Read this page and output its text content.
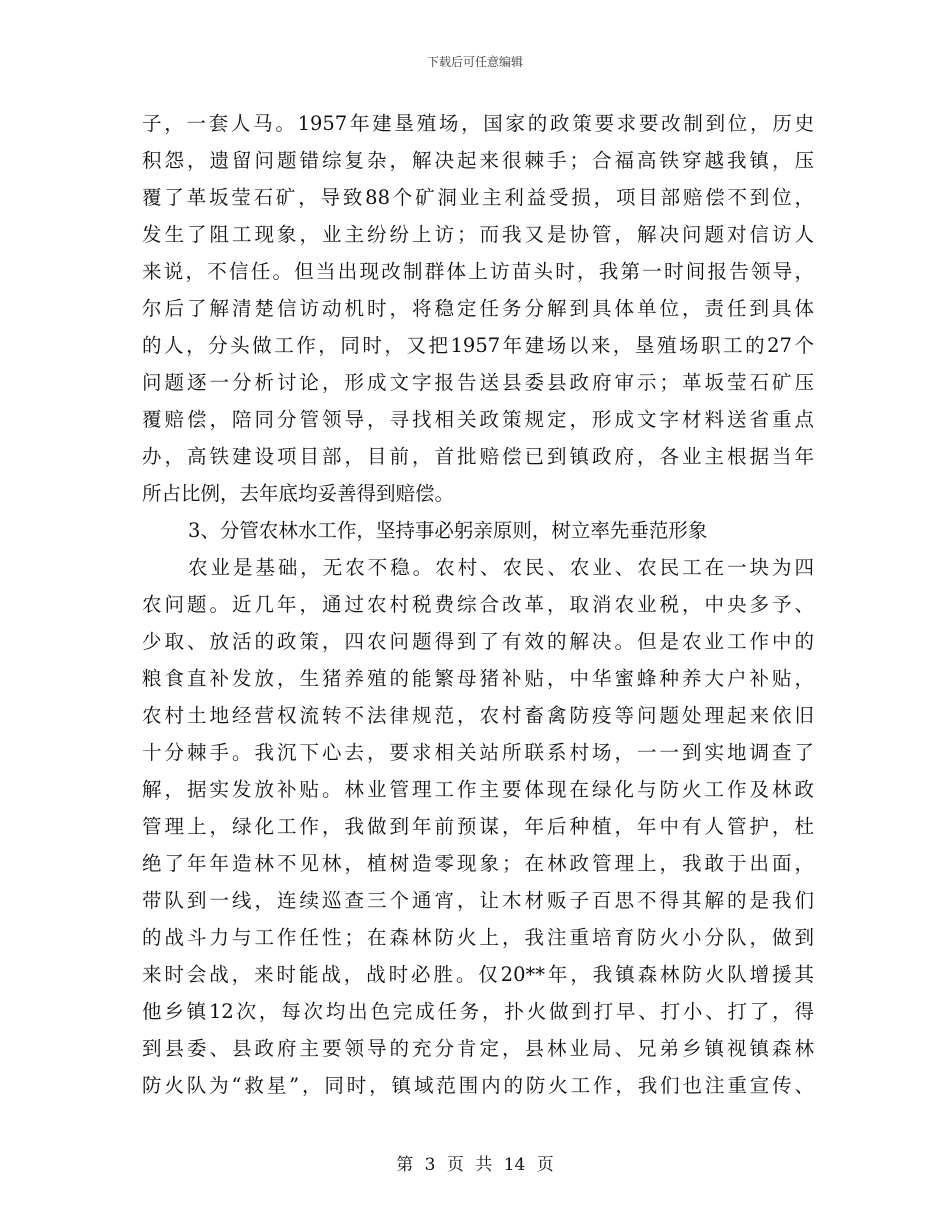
下载后可任意编辑
子，一套人马。1957年建垦殖场，国家的政策要求要改制到位，历史
积怨，遗留问题错综复杂，解决起来很棘手；合福高铁穿越我镇，压
覆了革坂莹石矿，导致88个矿洞业主利益受损，项目部赔偿不到位，
发生了阻工现象，业主纷纷上访；而我又是协管，解决问题对信访人
来说，不信任。但当出现改制群体上访苗头时，我第一时间报告领导，
尔后了解清楚信访动机时，将稳定任务分解到具体单位，责任到具体
的人，分头做工作，同时，又把1957年建场以来，垦殖场职工的27个
问题逐一分析讨论，形成文字报告送县委县政府审示；革坂莹石矿压
覆赔偿，陪同分管领导，寻找相关政策规定，形成文字材料送省重点
办，高铁建设项目部，目前，首批赔偿已到镇政府，各业主根据当年
所占比例，去年底均妥善得到赔偿。
3、分管农林水工作，坚持事必躬亲原则，树立率先垂范形象
农业是基础，无农不稳。农村、农民、农业、农民工在一块为四
农问题。近几年，通过农村税费综合改革，取消农业税，中央多予、
少取、放活的政策，四农问题得到了有效的解决。但是农业工作中的
粮食直补发放，生猪养殖的能繁母猪补贴，中华蜜蜂种养大户补贴，
农村土地经营权流转不法律规范，农村畜禽防疫等问题处理起来依旧
十分棘手。我沉下心去，要求相关站所联系村场，一一到实地调查了
解，据实发放补贴。林业管理工作主要体现在绿化与防火工作及林政
管理上，绿化工作，我做到年前预谋，年后种植，年中有人管护，杜
绝了年年造林不见林，植树造零现象；在林政管理上，我敢于出面，
带队到一线，连续巡查三个通宵，让木材贩子百思不得其解的是我们
的战斗力与工作任性；在森林防火上，我注重培育防火小分队，做到
来时会战，来时能战，战时必胜。仅20**年，我镇森林防火队增援其
他乡镇12次，每次均出色完成任务，扑火做到打早、打小、打了，得
到县委、县政府主要领导的充分肯定，县林业局、兄弟乡镇视镇森林
防火队为“救星”，同时，镇域范围内的防火工作，我们也注重宣传、
第 3 页 共 14 页
